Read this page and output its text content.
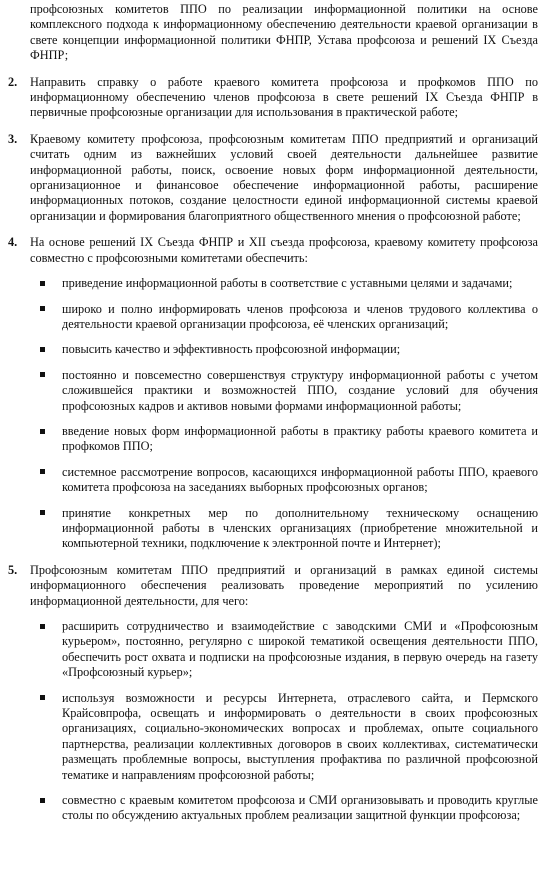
профсоюзных комитетов ППО по реализации информационной политики на основе комплексного подхода к информационному обеспечению деятельности краевой организации в свете концепции информационной политики ФНПР, Устава профсоюза и решений IX Съезда ФНПР;

2.	Направить справку о работе краевого комитета профсоюза и профкомов ППО по информационному обеспечению членов профсоюза в свете решений IX Съезда ФНПР в первичные профсоюзные организации для использования в практической работе;

3.	Краевому комитету профсоюза, профсоюзным комитетам ППО предприятий и организаций считать одним из важнейших условий своей деятельности дальнейшее развитие информационной работы, поиск, освоение новых форм информационной деятельности, организационное и финансовое обеспечение информационной работы, расширение информационных потоков, создание целостности единой информационной системы краевой организации и формирования благоприятного общественного мнения о профсоюзной работе;

4.	На основе решений IX Съезда ФНПР и XII съезда профсоюза, краевому комитету профсоюза совместно с профсоюзными комитетами обеспечить:

приведение информационной работы в соответствие с уставными целями и задачами;
широко и полно информировать членов профсоюза и членов трудового коллектива о деятельности краевой организации профсоюза, её членских организаций;
повысить качество и эффективность профсоюзной информации;
постоянно и повсеместно совершенствуя структуру информационной работы с учетом сложившейся практики и возможностей ППО, создание условий для обучения профсоюзных кадров и активов новыми формами информационной работы;
введение новых форм информационной работы в практику работы краевого комитета и профкомов ППО;
системное рассмотрение вопросов, касающихся информационной работы ППО, краевого комитета профсоюза на заседаниях выборных профсоюзных органов;
принятие конкретных мер по дополнительному техническому оснащению информационной работы в членских организациях (приобретение множительной и компьютерной техники, подключение к электронной почте и Интернет);
5.	Профсоюзным комитетам ППО предприятий и организаций в рамках единой системы информационного обеспечения реализовать проведение мероприятий по усилению информационной деятельности, для чего:

расширить сотрудничество и взаимодействие с заводскими СМИ и «Профсоюзным курьером», постоянно, регулярно с широкой тематикой освещения деятельности ППО, обеспечить рост охвата и подписки на профсоюзные издания, в первую очередь на газету «Профсоюзный курьер»;
используя возможности и ресурсы Интернета, отраслевого сайта, и Пермского Крайсовпрофа, освещать и информировать о деятельности в своих профсоюзных организациях, социально-экономических вопросах и проблемах, опыте социального партнерства, реализации коллективных договоров в своих коллективах, систематически размещать проблемные вопросы, выступления профактива по различной профсоюзной тематике и направлениям профсоюзной работы;
совместно с краевым комитетом профсоюза и СМИ организовывать и проводить круглые столы по обсуждению актуальных проблем реализации защитной функции профсоюза;
